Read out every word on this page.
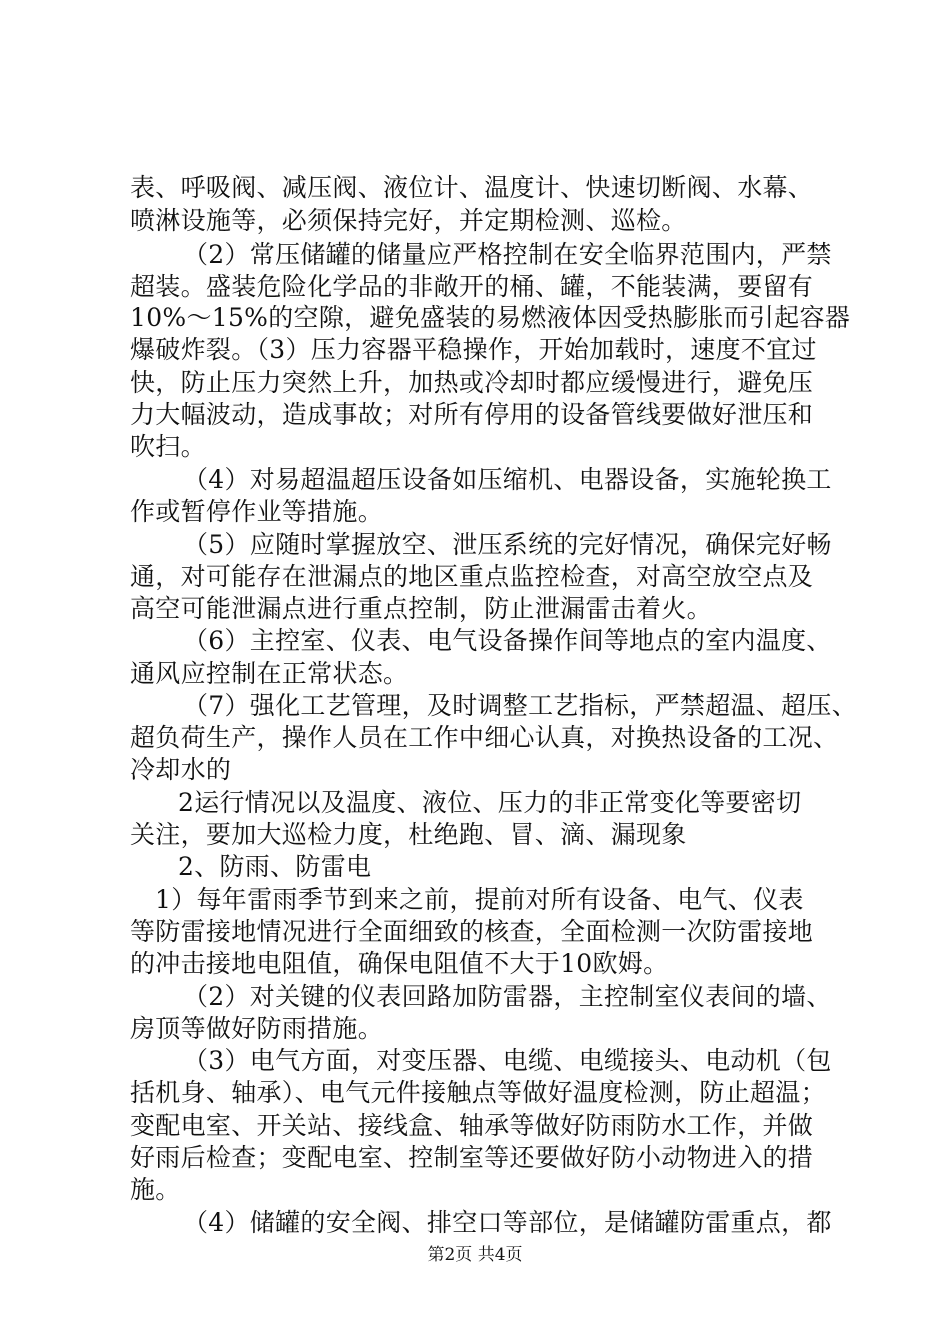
表、呼吸阀、减压阀、液位计、温度计、快速切断阀、水幕、
喷淋设施等，必须保持完好，并定期检测、巡检。
（2）常压储罐的储量应严格控制在安全临界范围内，严禁
超装。盛装危险化学品的非敞开的桶、罐，不能装满，要留有
10%～15%的空隙，避免盛装的易燃液体因受热膨胀而引起容器
爆破炸裂。（3）压力容器平稳操作，开始加载时，速度不宜过
快，防止压力突然上升，加热或冷却时都应缓慢进行，避免压
力大幅波动，造成事故；对所有停用的设备管线要做好泄压和
吹扫。
（4）对易超温超压设备如压缩机、电器设备，实施轮换工
作或暂停作业等措施。
（5）应随时掌握放空、泄压系统的完好情况，确保完好畅
通，对可能存在泄漏点的地区重点监控检查，对高空放空点及
高空可能泄漏点进行重点控制，防止泄漏雷击着火。
（6）主控室、仪表、电气设备操作间等地点的室内温度、
通风应控制在正常状态。
（7）强化工艺管理，及时调整工艺指标，严禁超温、超压、
超负荷生产，操作人员在工作中细心认真，对换热设备的工况、
冷却水的
2运行情况以及温度、液位、压力的非正常变化等要密切
关注，要加大巡检力度，杜绝跑、冒、滴、漏现象
2、防雨、防雷电
1）每年雷雨季节到来之前，提前对所有设备、电气、仪表
等防雷接地情况进行全面细致的核查，全面检测一次防雷接地
的冲击接地电阻值，确保电阻值不大于10欧姆。
（2）对关键的仪表回路加防雷器，主控制室仪表间的墙、
房顶等做好防雨措施。
（3）电气方面，对变压器、电缆、电缆接头、电动机（包
括机身、轴承）、电气元件接触点等做好温度检测，防止超温；
变配电室、开关站、接线盒、轴承等做好防雨防水工作，并做
好雨后检查；变配电室、控制室等还要做好防小动物进入的措
施。
（4）储罐的安全阀、排空口等部位，是储罐防雷重点，都
第2页 共4页
